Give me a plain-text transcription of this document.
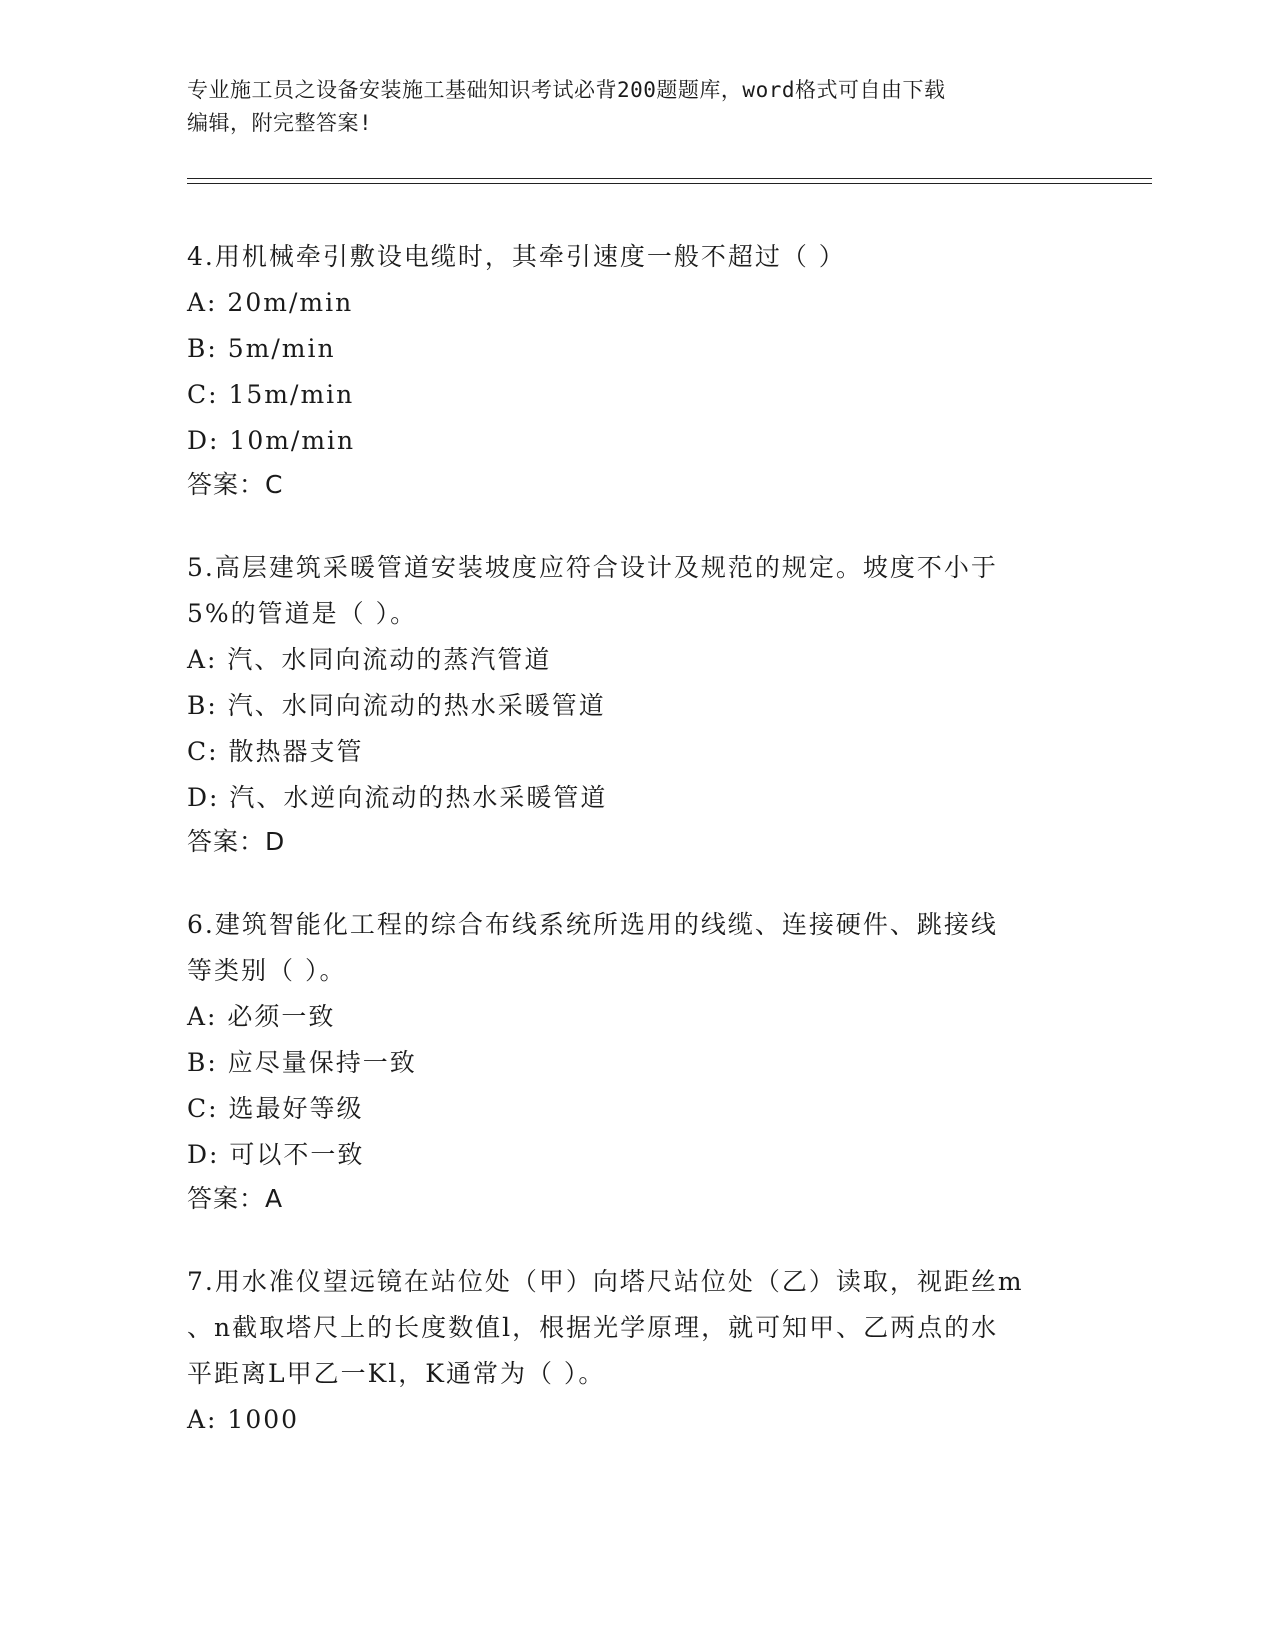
专业施工员之设备安装施工基础知识考试必背200题题库，word格式可自由下载
编辑，附完整答案!
4.用机械牵引敷设电缆时，其牵引速度一般不超过（ ）
A: 20m/min
B: 5m/min
C: 15m/min
D: 10m/min
答案：C
5.高层建筑采暖管道安装坡度应符合设计及规范的规定。坡度不小于
5%的管道是（ ）。
A: 汽、水同向流动的蒸汽管道
B: 汽、水同向流动的热水采暖管道
C: 散热器支管
D: 汽、水逆向流动的热水采暖管道
答案：D
6.建筑智能化工程的综合布线系统所选用的线缆、连接硬件、跳接线
等类别（ ）。
A: 必须一致
B: 应尽量保持一致
C: 选最好等级
D: 可以不一致
答案：A
7.用水准仪望远镜在站位处（甲）向塔尺站位处（乙）读取，视距丝m
、n截取塔尺上的长度数值l，根据光学原理，就可知甲、乙两点的水
平距离L甲乙一Kl，K通常为（ ）。
A: 1000
